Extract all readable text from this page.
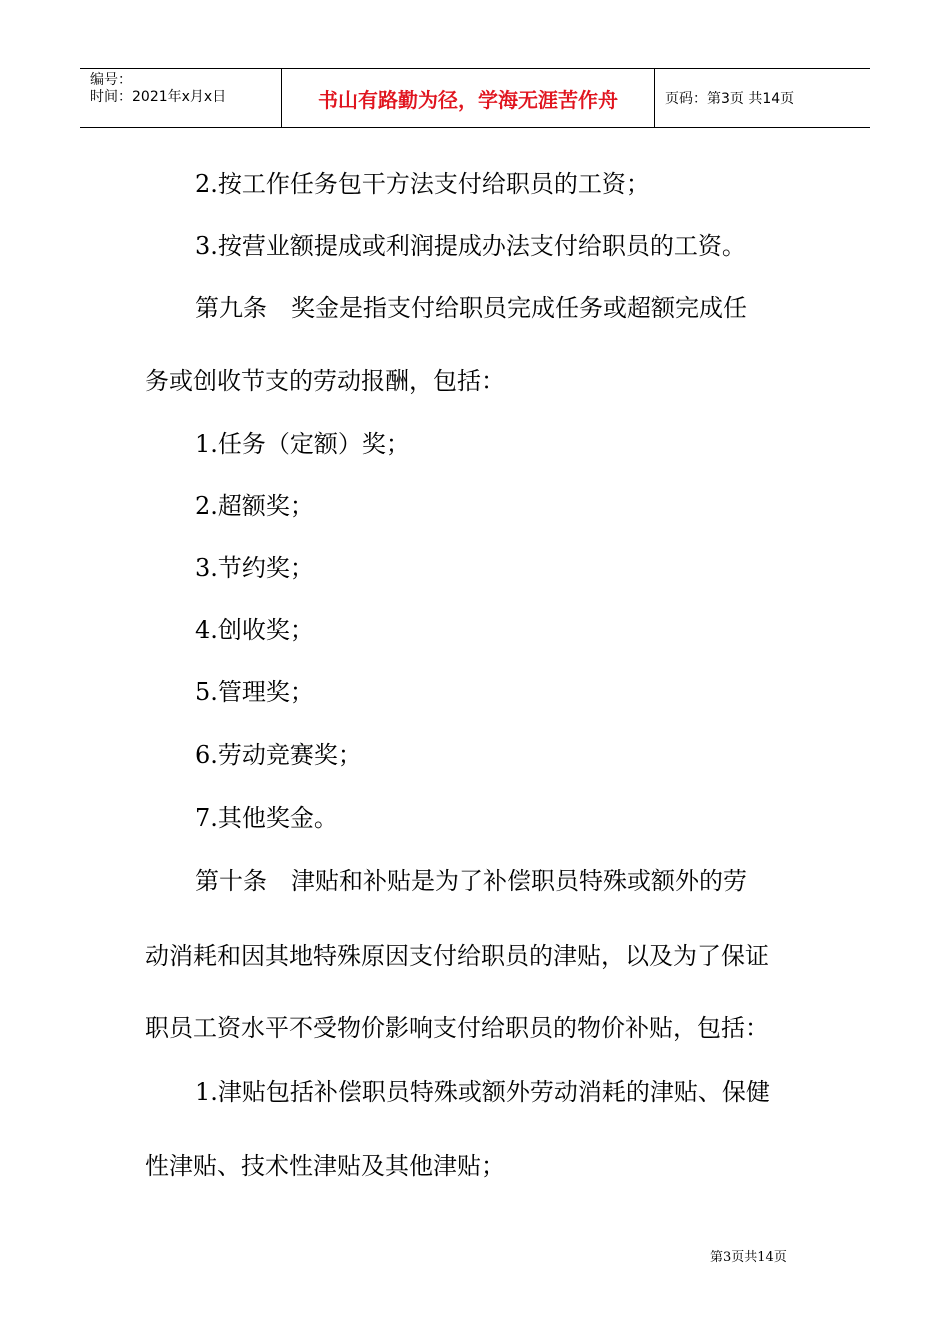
编号：
时间：2021年x月x日	书山有路勤为径，学海无涯苦作舟	页码：第3页 共14页
2.按工作任务包干方法支付给职员的工资；
3.按营业额提成或利润提成办法支付给职员的工资。
第九条　奖金是指支付给职员完成任务或超额完成任
务或创收节支的劳动报酬，包括：
1.任务（定额）奖；
2.超额奖；
3.节约奖；
4.创收奖；
5.管理奖；
6.劳动竞赛奖；
7.其他奖金。
第十条　津贴和补贴是为了补偿职员特殊或额外的劳
动消耗和因其地特殊原因支付给职员的津贴，以及为了保证
职员工资水平不受物价影响支付给职员的物价补贴，包括：
1.津贴包括补偿职员特殊或额外劳动消耗的津贴、保健
性津贴、技术性津贴及其他津贴；
第3页共14页
